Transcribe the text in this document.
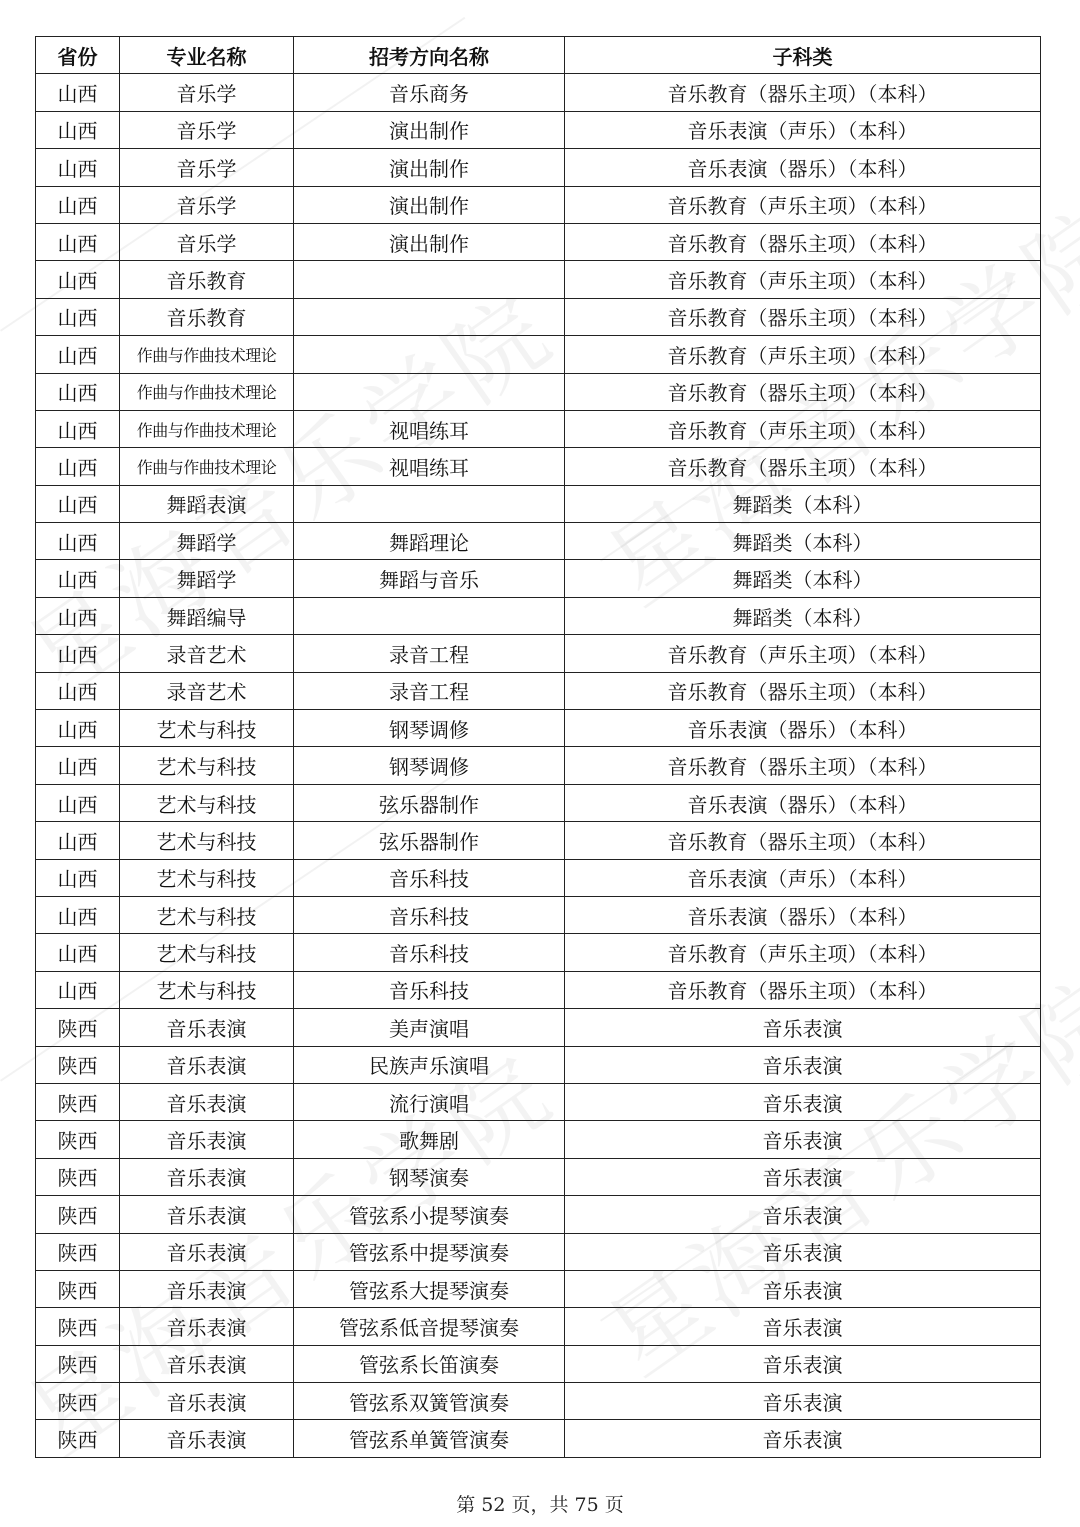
省份	专业名称	招考方向名称	子科类
山西	音乐学	音乐商务	音乐教育（器乐主项）（本科）
山西	音乐学	演出制作	音乐表演（声乐）（本科）
山西	音乐学	演出制作	音乐表演（器乐）（本科）
山西	音乐学	演出制作	音乐教育（声乐主项）（本科）
山西	音乐学	演出制作	音乐教育（器乐主项）（本科）
山西	音乐教育		音乐教育（声乐主项）（本科）
山西	音乐教育		音乐教育（器乐主项）（本科）
山西	作曲与作曲技术理论		音乐教育（声乐主项）（本科）
山西	作曲与作曲技术理论		音乐教育（器乐主项）（本科）
山西	作曲与作曲技术理论	视唱练耳	音乐教育（声乐主项）（本科）
山西	作曲与作曲技术理论	视唱练耳	音乐教育（器乐主项）（本科）
山西	舞蹈表演		舞蹈类（本科）
山西	舞蹈学	舞蹈理论	舞蹈类（本科）
山西	舞蹈学	舞蹈与音乐	舞蹈类（本科）
山西	舞蹈编导		舞蹈类（本科）
山西	录音艺术	录音工程	音乐教育（声乐主项）（本科）
山西	录音艺术	录音工程	音乐教育（器乐主项）（本科）
山西	艺术与科技	钢琴调修	音乐表演（器乐）（本科）
山西	艺术与科技	钢琴调修	音乐教育（器乐主项）（本科）
山西	艺术与科技	弦乐器制作	音乐表演（器乐）（本科）
山西	艺术与科技	弦乐器制作	音乐教育（器乐主项）（本科）
山西	艺术与科技	音乐科技	音乐表演（声乐）（本科）
山西	艺术与科技	音乐科技	音乐表演（器乐）（本科）
山西	艺术与科技	音乐科技	音乐教育（声乐主项）（本科）
山西	艺术与科技	音乐科技	音乐教育（器乐主项）（本科）
陕西	音乐表演	美声演唱	音乐表演
陕西	音乐表演	民族声乐演唱	音乐表演
陕西	音乐表演	流行演唱	音乐表演
陕西	音乐表演	歌舞剧	音乐表演
陕西	音乐表演	钢琴演奏	音乐表演
陕西	音乐表演	管弦系小提琴演奏	音乐表演
陕西	音乐表演	管弦系中提琴演奏	音乐表演
陕西	音乐表演	管弦系大提琴演奏	音乐表演
陕西	音乐表演	管弦系低音提琴演奏	音乐表演
陕西	音乐表演	管弦系长笛演奏	音乐表演
陕西	音乐表演	管弦系双簧管演奏	音乐表演
陕西	音乐表演	管弦系单簧管演奏	音乐表演
第 52 页，共 75 页
